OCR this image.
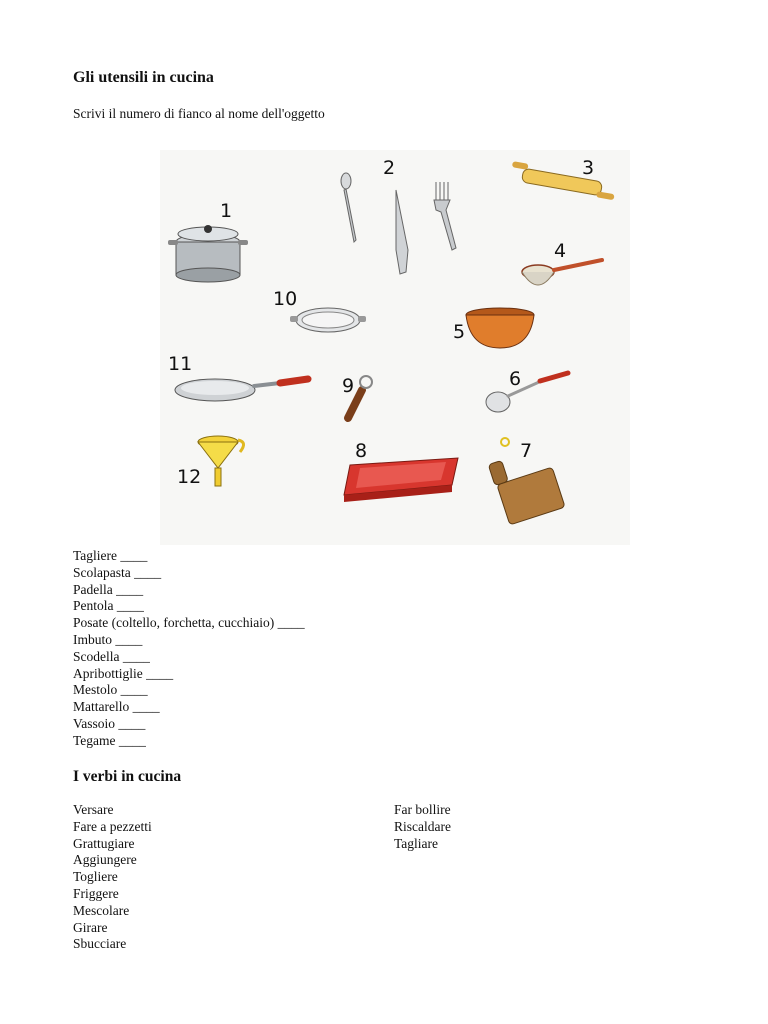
Gli utensili in cucina

Scrivi il numero di fianco al nome dell'oggetto

1
2	3
4
5
6
7
8
9
10
11
12
Tagliere ____
Scolapasta ____
Padella ____
Pentola ____
Posate (coltello, forchetta, cucchiaio) ____
Imbuto ____
Scodella ____
Apribottiglie ____
Mestolo ____
Mattarello ____
Vassoio ____
Tegame ____
I verbi in cucina
Versare
Fare a pezzetti
Grattugiare
Aggiungere
Togliere
Friggere
Mescolare
Girare
Sbucciare
Far bollire
Riscaldare
Tagliare
